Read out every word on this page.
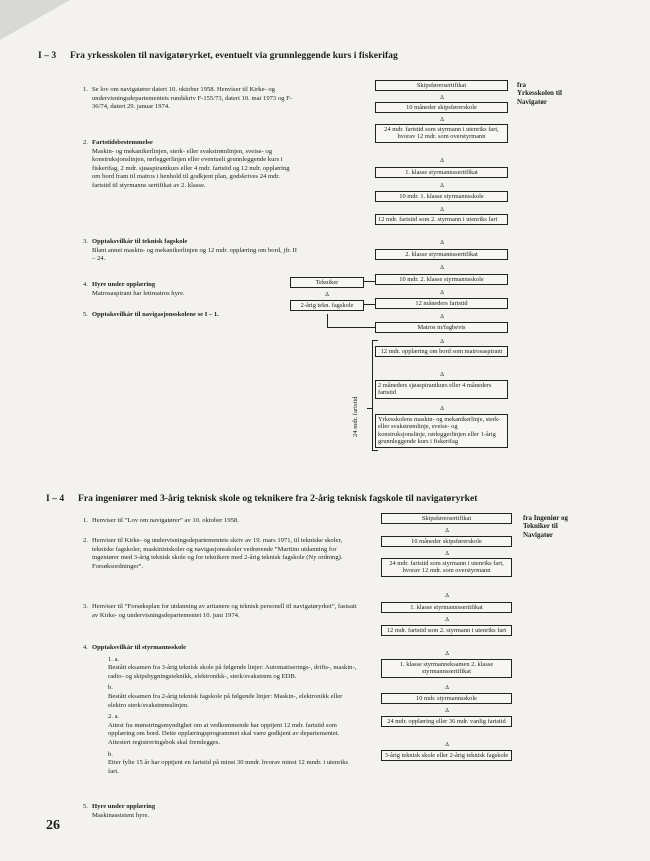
I – 3 Fra yrkesskolen til navigatøryrket, eventuelt via grunnleggende kurs i fiskerifag
1. Se lov om navigatører datert 10. oktober 1958. Henviser til Kirke- og undervisningsdepartementets rundskriv F-155/73, datert 10. mai 1973 og F-36/74, datert 29. januar 1974.
2. Fartstidsbestemmelse
Maskin- og mekanikerlinjen, sterk- eller svakstrømlinjen, sveise- og konstruksjonslinjen, rørleggerlinjen eller eventuelt grunnleggende kurs i fiskerifag, 2 mdr. sjøaspirantkurs eller 4 mdr. fartstid og 12 mdr. opplæring om bord fram til matros i henhold til godkjent plan, godskrives 24 mdr. fartstid til styrmanns sertifikat av 2. klasse.
3. Opptaksvilkår til teknisk fagskole
Blant annet maskin- og mekanikerlinjen og 12 mdr. opplæring om bord, jfr. II – 24.
4. Hyre under opplæring
Matrosaspirant har lettmatros hyre.
5. Opptaksvilkår til navigasjonsskolene se I – 1.
Skipsførersertifikat
Δ
10 måneder skipsførerskole
Δ
24 mdr. fartstid som styrmann i utenriks fart, hvorav 12 mdr. som overstyrmann
Δ
1. klasse styrmannssertifikat
Δ
10 mdr. 1. klasse styrmannsskole
Δ
12 mdr. fartstid som 2. styrmann i utenriks fart
Δ
2. klasse styrmannssertifikat
Δ
10 mdr. 2. klasse styrmannsskole
Δ
12 måneders fartstid
Δ
Matros m/fagbevis
Δ
12 mdr. opplæring om bord som matrosaspirant
Δ
2 måneders sjøaspirantkurs eller 4 måneders fartstid
Δ
Yrkesskolens maskin- og mekanikerlinje, sterk- eller svakstrømlinje, sveise- og konstruksjonslinje, rørleggerlinjen eller 1-årig grunnleggende kurs i fiskerifag
Tekniker
Δ
2-årig tekn. fagskole
24 mdr. fartstid
fra Yrkesskolen til Navigatør
I – 4 Fra ingeniører med 3-årig teknisk skole og teknikere fra 2-årig teknisk fagskole til navigatøryrket
1. Henviser til ”Lov om navigatører” av 10. oktober 1958.
2. Henviser til Kirke- og undervisningsdepartementets skriv av 19. mars 1971, til tekniske skoler, tekniske fagskoler, maskinistskoler og navigasjonsskoler vedrørende ”Maritim utdanning for ingeniører med 3-årig teknisk skole og for teknikere med 2-årig teknisk fagskole (Ny ordning). Forsøksordninger”.
3. Henviser til ”Forsøksplan for utdanning av artianere og teknisk personell til navigatøryrket”, fastsatt av Kirke- og undervisningsdepartementet 10. juni 1974.
4. Opptaksvilkår til styrmannsskole
1. a.
Bestått eksamen fra 3-årig teknisk skole på følgende linjer: Automatiserings-, drifts-, maskin-, radio- og skipsbygningsteknikk, elektronikk-, sterk/svakstrøm og EDB.
b.
Bestått eksamen fra 2-årig teknisk fagskole på følgende linjer: Maskin-, elektronikk eller elektro sterk/svakstrømslinjen.
2. a.
Attest fra mønstringsmyndighet om at vedkommende har opptjent 12 mdr. fartstid som opplæring om bord. Dette opplæringsprogrammet skal være godkjent av departementet. Attestert registreringsbok skal fremlegges.
b.
Etter fylte 15 år har opptjent en fartstid på minst 30 mndr. hvorav minst 12 mndr. i utenriks fart.
5. Hyre under opplæring
Maskinassistent hyre.
Skipsførersertifikat
Δ
10 måneder skipsførerskole
Δ
24 mdr. fartstid som styrmann i utenriks fart, hvorav 12 mdr. som overstyrmann
Δ
1. klasse styrmannssertifikat
Δ
12 mdr. fartstid som 2. styrmann i utenriks fart
Δ
1. klasse styrmanneksamen 2. klasse styrmannssertifikat
Δ
10 mdr. styrmannsskole
Δ
24 mdr. opplæring eller 36 mdr. vanlig fartstid
Δ
3-årig teknisk skole eller 2-årig teknisk fagskole
fra Ingeniør og Tekniker til Navigatør
26
